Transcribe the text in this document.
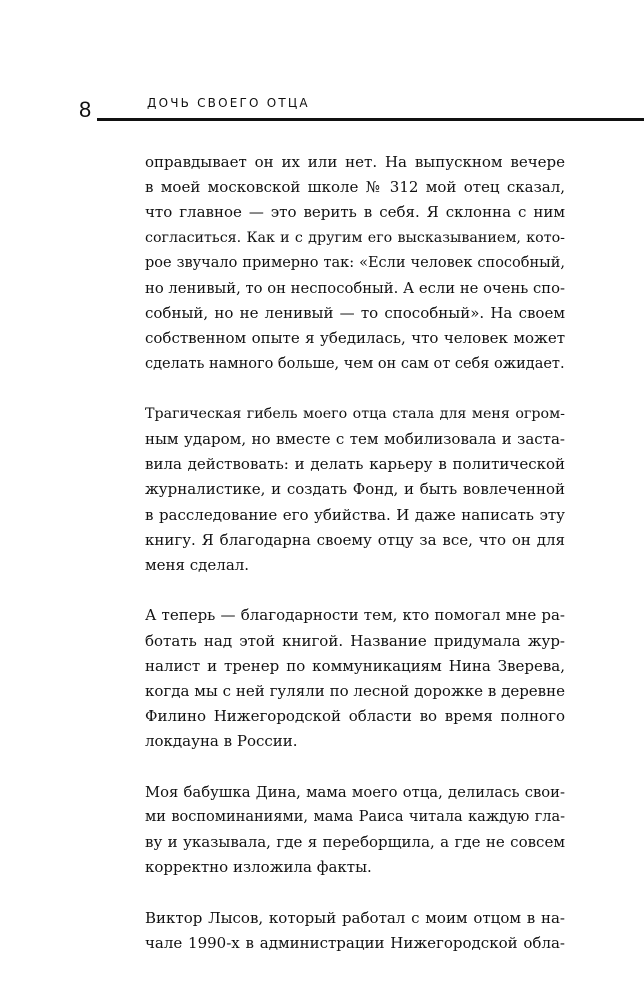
8	ДОЧЬ СВОЕГО ОТЦА
оправдывает он их или нет. На выпускном вечере
в моей московской школе № 312 мой отец сказал,
что главное — это верить в себя. Я склонна с ним
согласиться. Как и с другим его высказыванием, кото-
рое звучало примерно так: «Если человек способный,
но ленивый, то он неспособный. А если не очень спо-
собный, но не ленивый — то способный». На своем
собственном опыте я убедилась, что человек может
сделать намного больше, чем он сам от себя ожидает.
Трагическая гибель моего отца стала для меня огром-
ным ударом, но вместе с тем мобилизовала и заста-
вила действовать: и делать карьеру в политической
журналистике, и создать Фонд, и быть вовлеченной
в расследование его убийства. И даже написать эту
книгу. Я благодарна своему отцу за все, что он для
меня сделал.
А теперь — благодарности тем, кто помогал мне ра-
ботать над этой книгой. Название придумала жур-
налист и тренер по коммуникациям Нина Зверева,
когда мы с ней гуляли по лесной дорожке в деревне
Филино Нижегородской области во время полного
локдауна в России.
Моя бабушка Дина, мама моего отца, делилась свои-
ми воспоминаниями, мама Раиса читала каждую гла-
ву и указывала, где я переборщила, а где не совсем
корректно изложила факты.
Виктор Лысов, который работал с моим отцом в на-
чале 1990-х в администрации Нижегородской обла-
